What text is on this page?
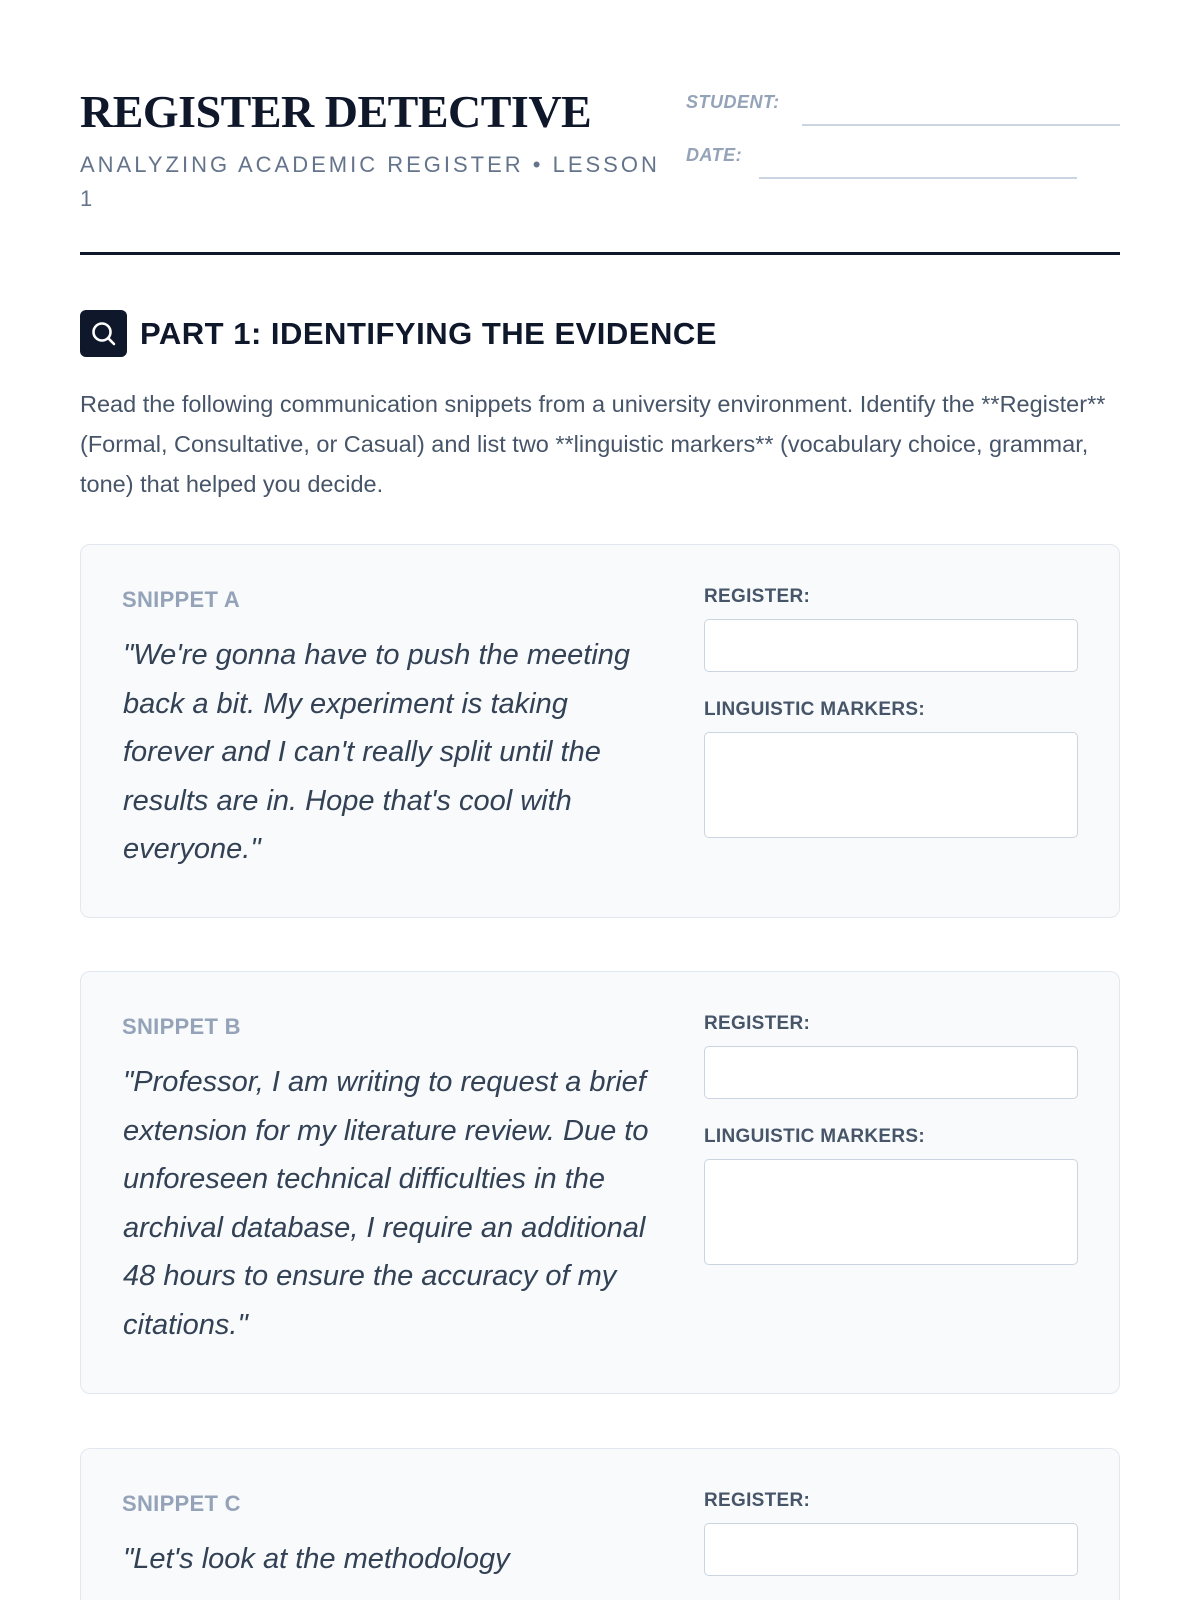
REGISTER DETECTIVE

ANALYZING ACADEMIC REGISTER • LESSON 1

STUDENT:
DATE:
PART 1: IDENTIFYING THE EVIDENCE

Read the following communication snippets from a university environment. Identify the **Register** (Formal, Consultative, or Casual) and list two **linguistic markers** (vocabulary choice, grammar, tone) that helped you decide.

SNIPPET A

"We're gonna have to push the meeting back a bit. My experiment is taking forever and I can't really split until the results are in. Hope that's cool with everyone."

REGISTER:
LINGUISTIC MARKERS:
SNIPPET B

"Professor, I am writing to request a brief extension for my literature review. Due to unforeseen technical difficulties in the archival database, I require an additional 48 hours to ensure the accuracy of my citations."

REGISTER:
LINGUISTIC MARKERS:
SNIPPET C

"Let's look at the methodology

REGISTER:
